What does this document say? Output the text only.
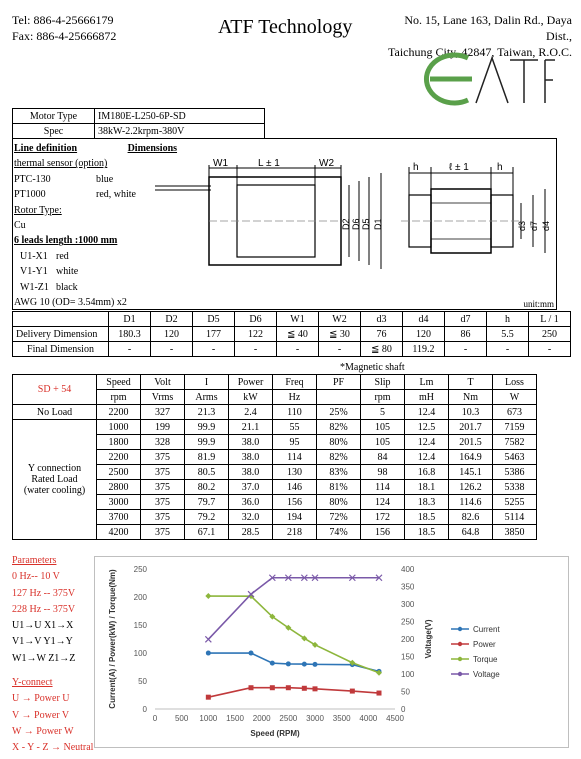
Tel: 886-4-25666179
Fax: 886-4-25666872	ATF Technology	No. 15, Lane 163, Dalin Rd., Daya Dist.,
Taichung City, 42847, Taiwan, R.O.C.
Motor Type	IM180E-L250-6P-SD
Spec	38kW-2.2krpm-380V
Line definition	Dimensions
thermal sensor (option)
PTC-130	blue
PT1000	red, white
Rotor Type:
Cu
6 leads length :1000 mm
U1-X1 red
V1-Y1 white
W1-Z1 black
AWG 10 (OD= 3.54mm) x2	unit:mm
W1	L ± 1	W2
D2 D6 D5 D1
h	ℓ ± 1	h
d3 d7 d4
	D1	D2	D5	D6	W1	W2	d3	d4	d7	h	L / 1
Delivery Dimension	180.3	120	177	122	≦ 40	≦ 30	76	120	86	5.5	250
Final Dimension	-	-	-	-	-	-	≦ 80	119.2	-	-	-
*Magnetic shaft
SD + 54	Speed	Volt	I	Power	Freq	PF	Slip	Lm	T	Loss
	rpm	Vrms	Arms	kW	Hz		rpm	mH	Nm	W
No Load	2200	327	21.3	2.4	110	25%	5	12.4	10.3	673

Y connection
Rated Load
(water cooling)	1000	199	99.9	21.1	55	82%	105	12.5	201.7	7159
	1800	328	99.9	38.0	95	80%	105	12.4	201.5	7582
	2200	375	81.9	38.0	114	82%	84	12.4	164.9	5463
	2500	375	80.5	38.0	130	83%	98	16.8	145.1	5386
	2800	375	80.2	37.0	146	81%	114	18.1	126.2	5338
	3000	375	79.7	36.0	156	80%	124	18.3	114.6	5255
	3700	375	79.2	32.0	194	72%	172	18.5	82.6	5114
	4200	375	67.1	28.5	218	74%	156	18.5	64.8	3850
Parameters
0 Hz-- 10 V
127 Hz -- 375V
228 Hz -- 375V
U1→U X1→X
V1→V Y1→Y
W1→W Z1→Z
Y-connect
U → Power U
V → Power V
W → Power W
X - Y - Z → Neutral
0
50
100
150
200
250
0
50
100
150
200
250
300
350
400
0 500 1000 1500 2000 2500 3000 3500 4000 4500
Speed (RPM)
Current(A) / Power(kW) / Torque(Nm)	Voltage(V)	Current
Power
Torque
Voltage
